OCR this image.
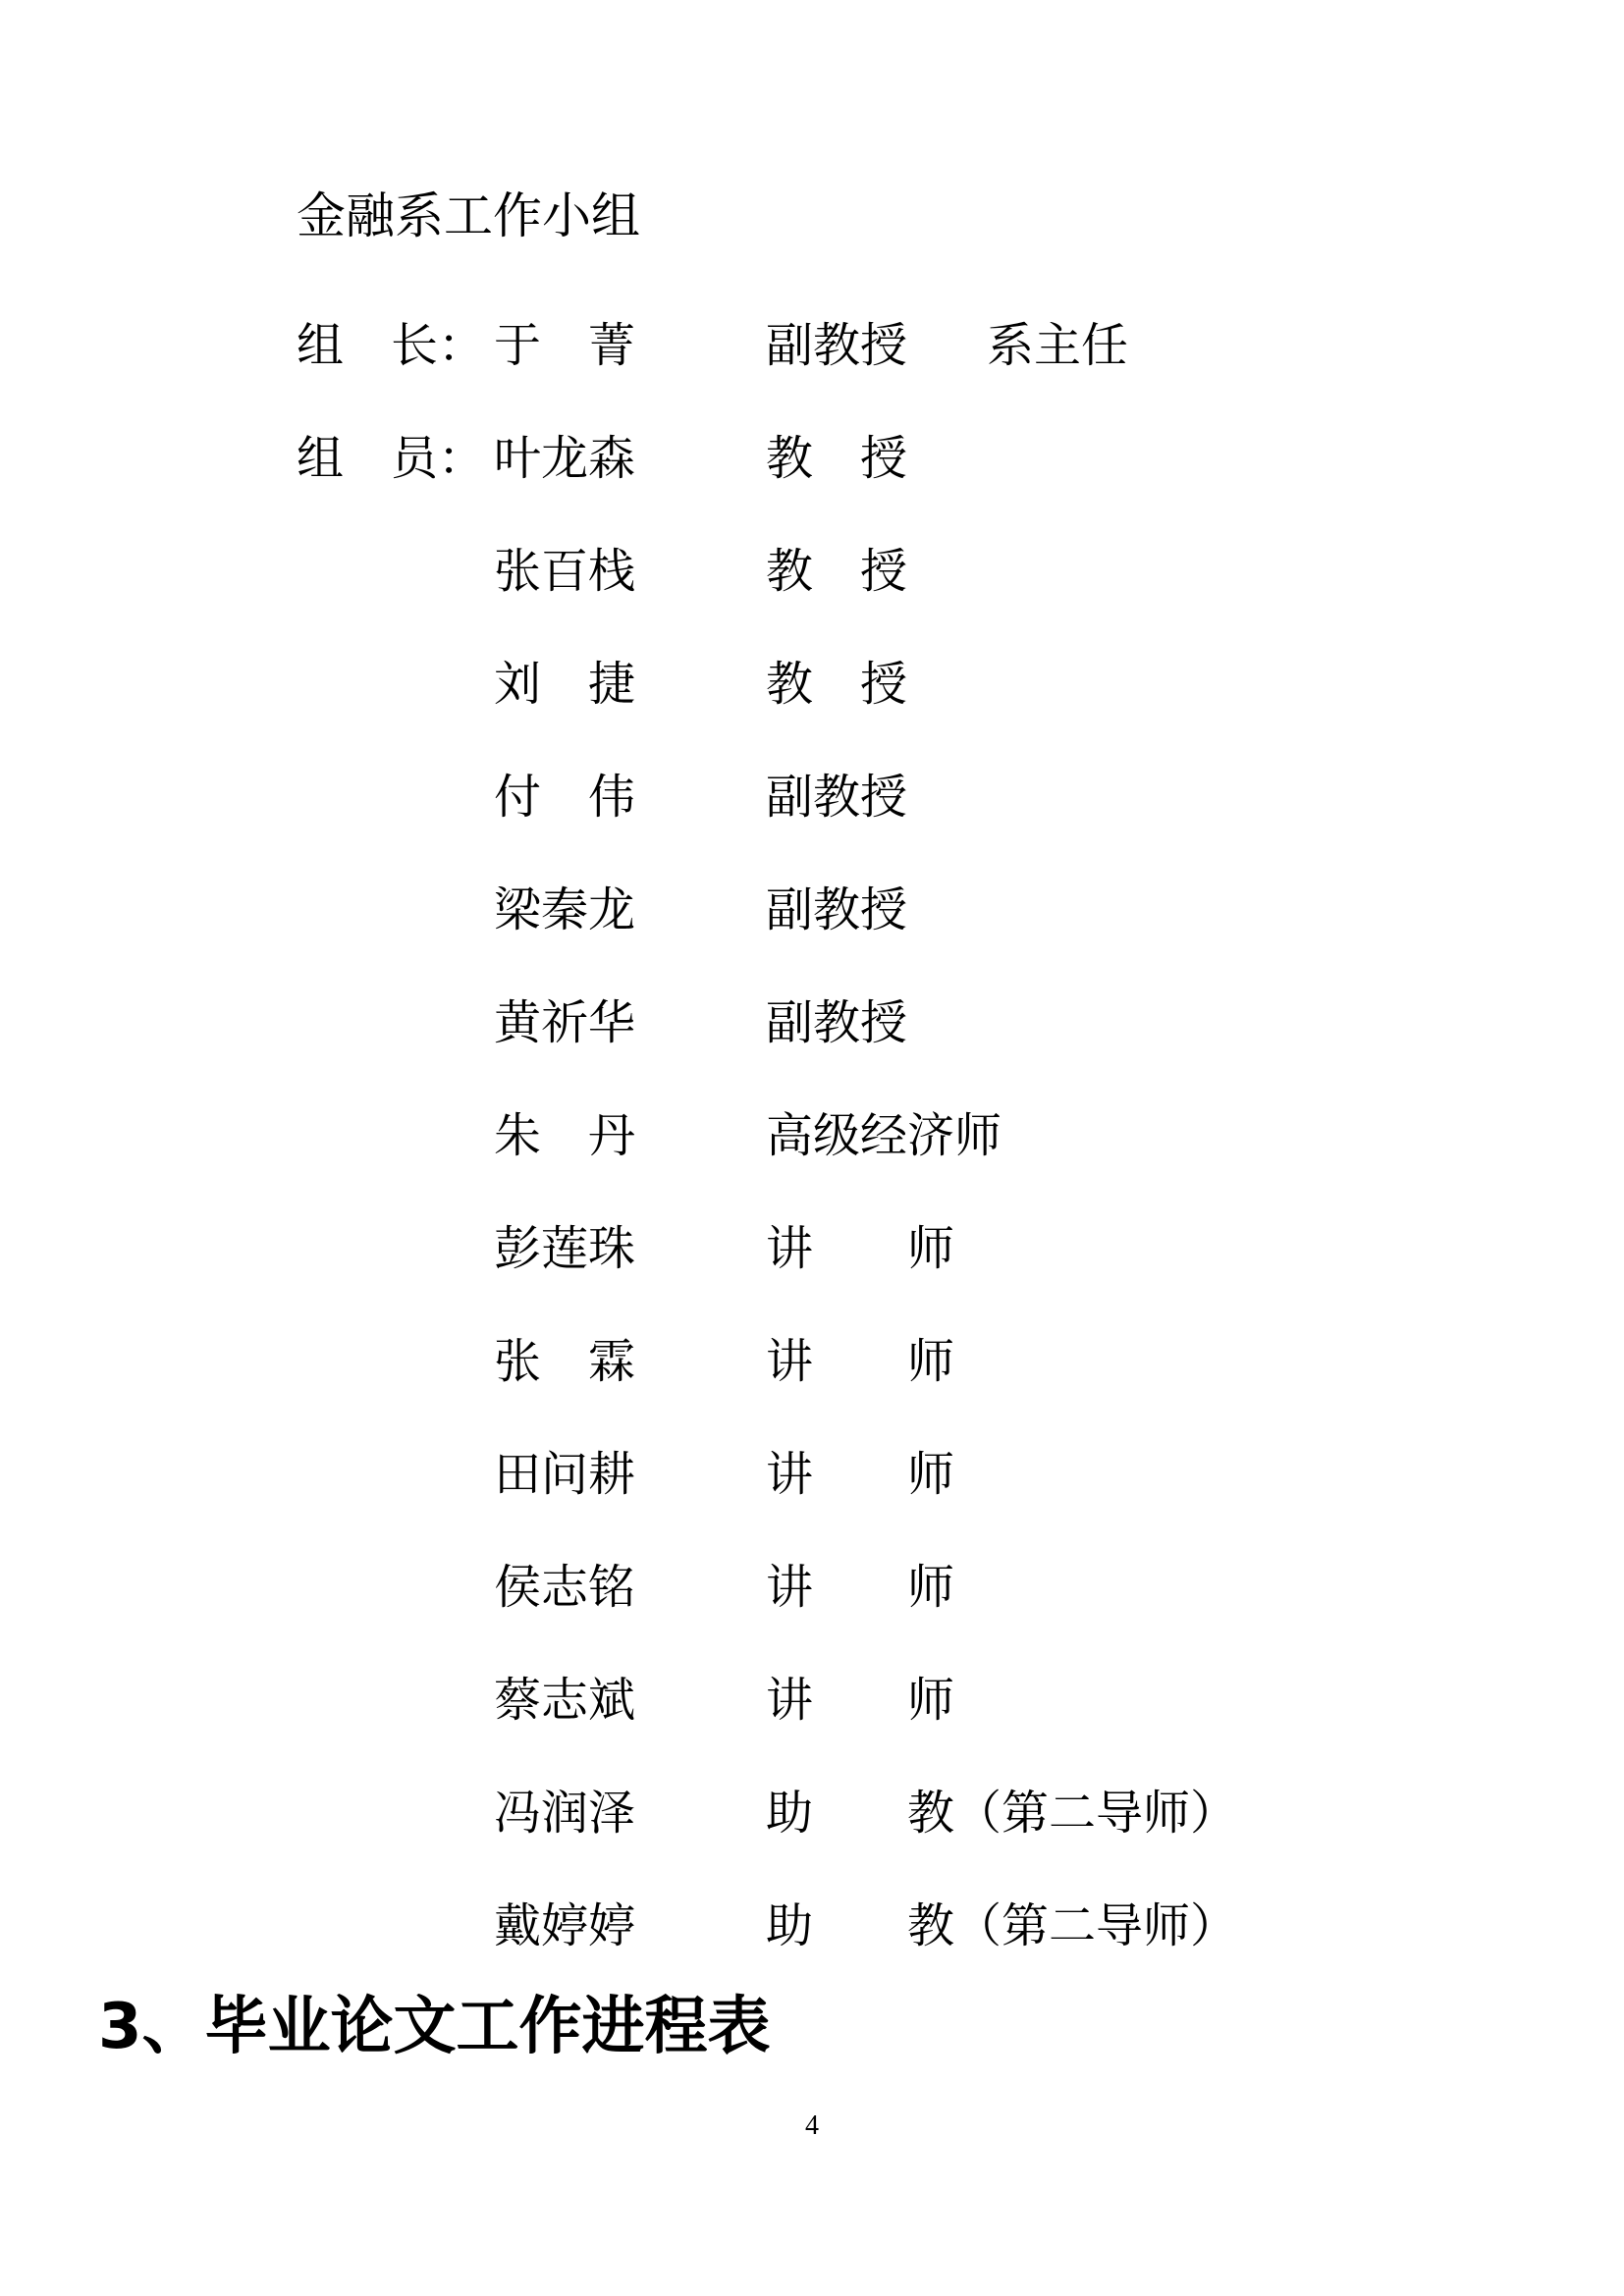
金融系工作小组
组　长： 于　菁	副教授 系主任
组　员： 叶龙森	教　授
张百栈	教　授
刘　捷	教　授
付　伟	副教授
梁秦龙	副教授
黄祈华	副教授
朱　丹	高级经济师
彭莲珠	讲　　师
张　霖	讲　　师
田问耕	讲　　师
侯志铭	讲　　师
蔡志斌	讲　　师
冯润泽	助　　教（第二导师）
戴婷婷	助　　教（第二导师）
3、毕业论文工作进程表
4
